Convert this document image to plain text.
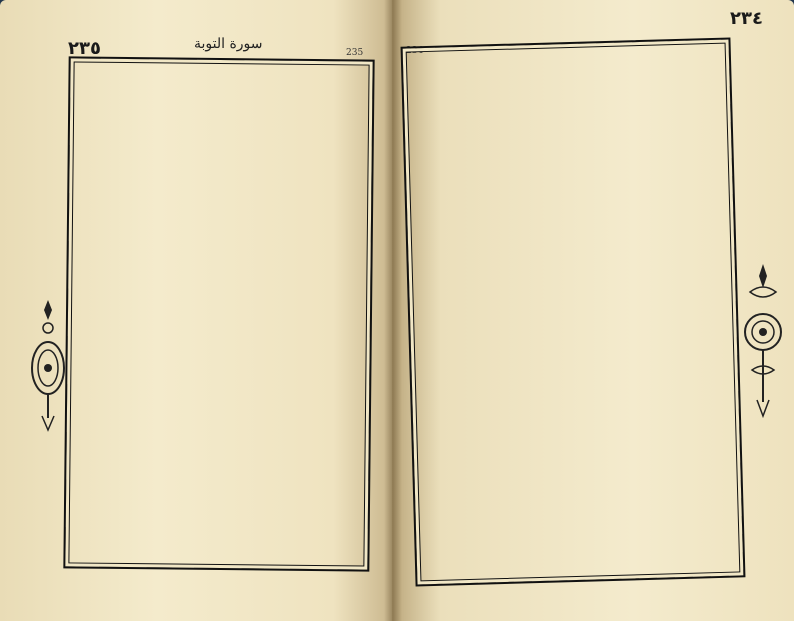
٢٣٥	سورة التوبة
235
٢٣٤
234
